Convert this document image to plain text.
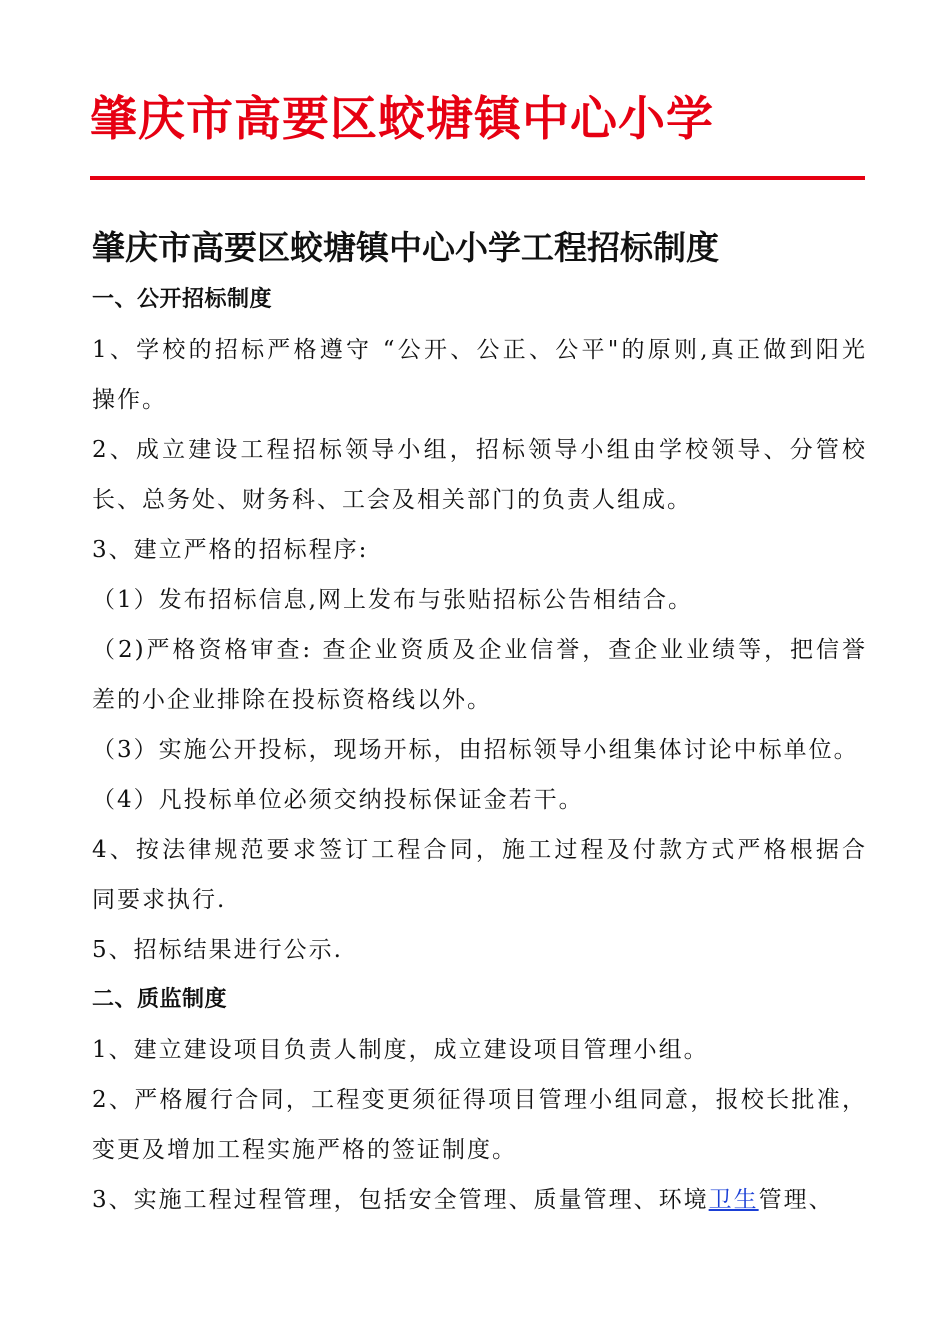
肇庆市高要区蛟塘镇中心小学
肇庆市高要区蛟塘镇中心小学工程招标制度
一、公开招标制度
1、学校的招标严格遵守 “公开、公正、公平"的原则,真正做到阳光
操作。
2、成立建设工程招标领导小组，招标领导小组由学校领导、分管校
长、总务处、财务科、工会及相关部门的负责人组成。
3、建立严格的招标程序:
（1）发布招标信息,网上发布与张贴招标公告相结合。
（2)严格资格审查: 查企业资质及企业信誉，查企业业绩等，把信誉
差的小企业排除在投标资格线以外。
（3）实施公开投标，现场开标，由招标领导小组集体讨论中标单位。
（4）凡投标单位必须交纳投标保证金若干。
4、按法律规范要求签订工程合同，施工过程及付款方式严格根据合
同要求执行.
5、招标结果进行公示.
二、质监制度
1、建立建设项目负责人制度，成立建设项目管理小组。
2、严格履行合同，工程变更须征得项目管理小组同意，报校长批准，
变更及增加工程实施严格的签证制度。
3、实施工程过程管理，包括安全管理、质量管理、环境卫生管理、
